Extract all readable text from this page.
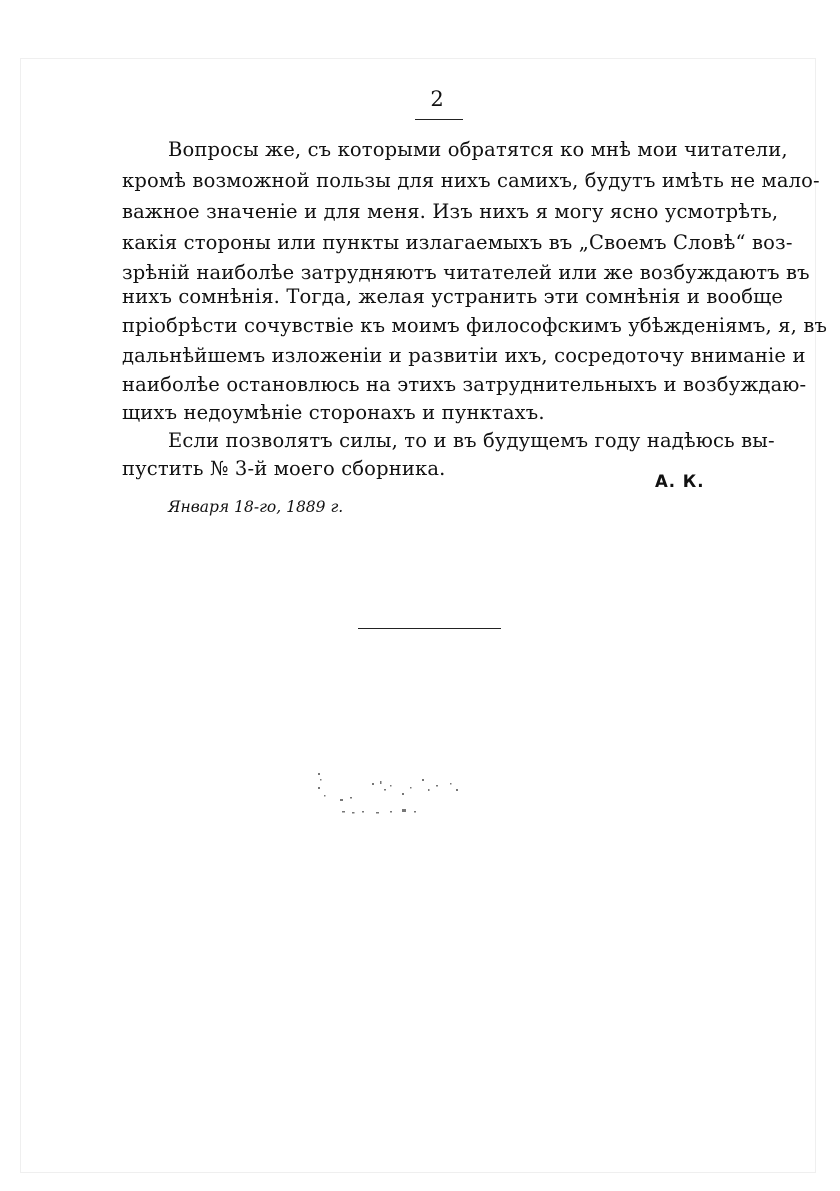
2
Вопросы же, съ которыми обратятся ко мнѣ мои читатели,
кромѣ возможной пользы для нихъ самихъ, будутъ имѣть не мало-
важное значеніе и для меня. Изъ нихъ я могу ясно усмотрѣть,
какія стороны или пункты излагаемыхъ въ „Своемъ Словѣ“ воз-
зрѣній наиболѣе затрудняютъ читателей или же возбуждаютъ въ
нихъ сомнѣнія. Тогда, желая устранить эти сомнѣнія и вообще
пріобрѣсти сочувствіе къ моимъ философскимъ убѣжденіямъ, я, въ
дальнѣйшемъ изложеніи и развитіи ихъ, сосредоточу вниманіе и
наиболѣе остановлюсь на этихъ затруднительныхъ и возбуждаю-
щихъ недоумѣніе сторонахъ и пунктахъ.
Если позволятъ силы, то и въ будущемъ году надѣюсь вы-
пустить № 3-й моего сборника.
А. К.
Января 18-го, 1889 г.
